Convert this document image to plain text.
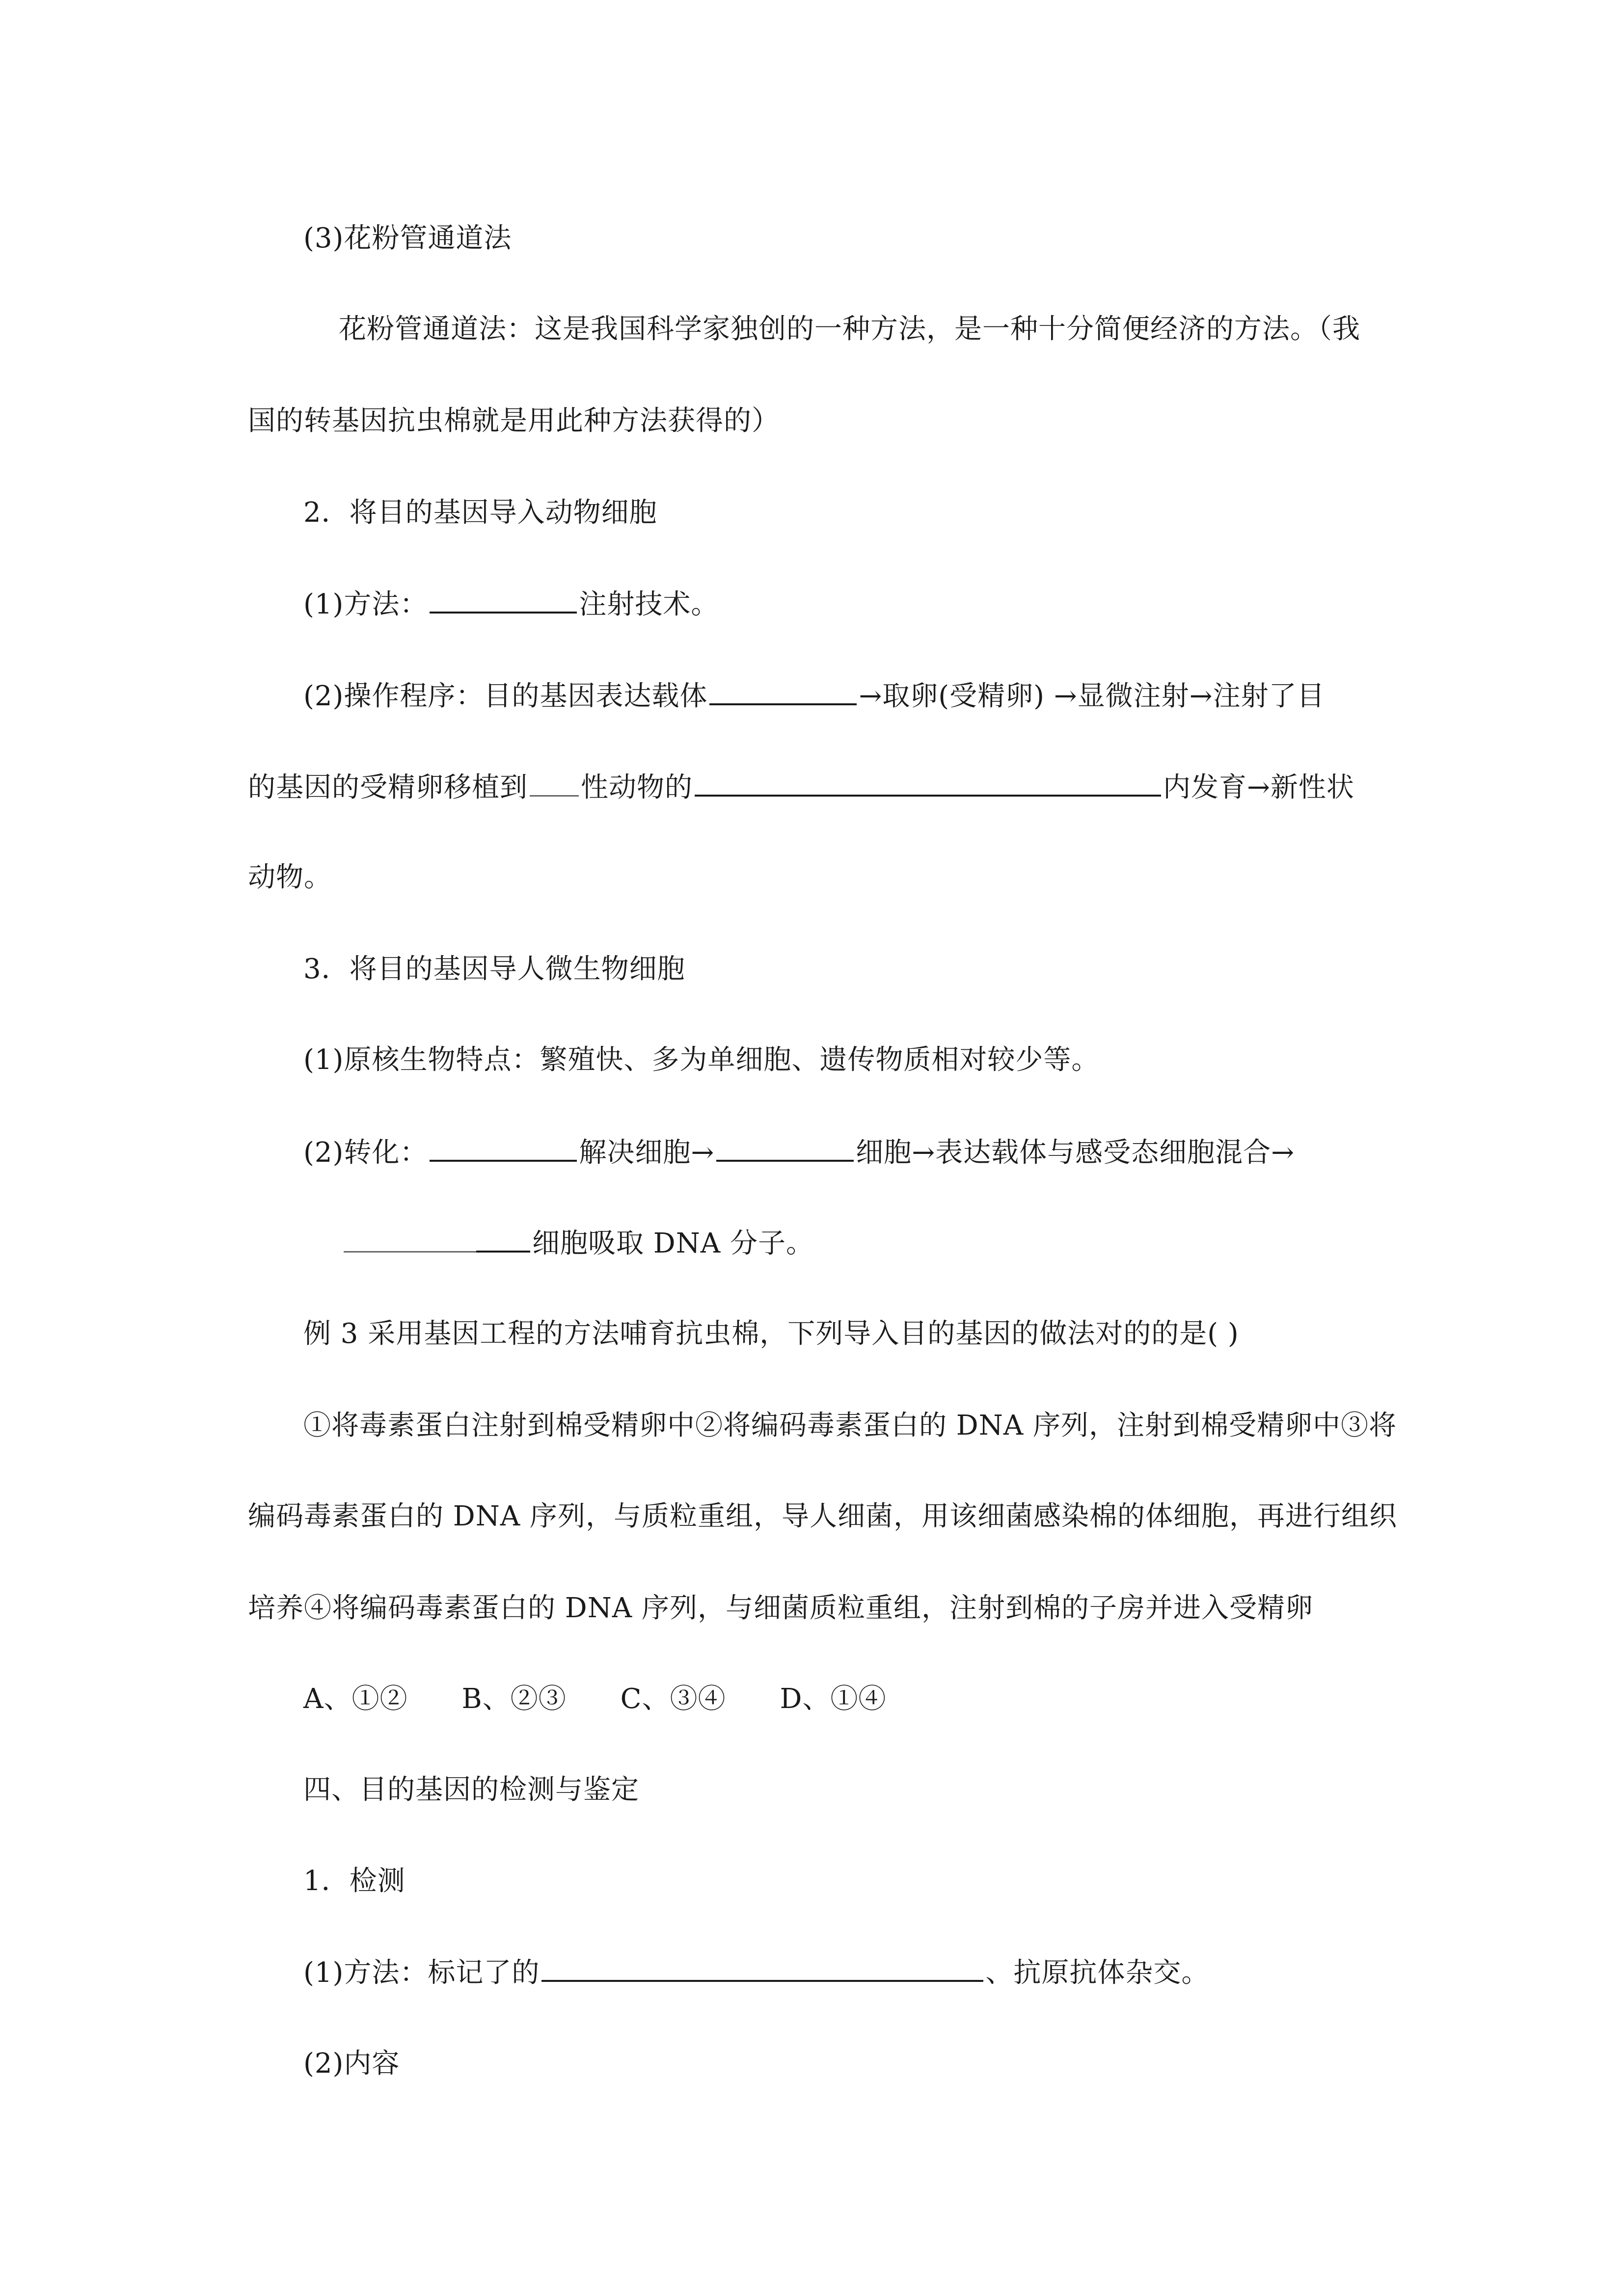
(3)花粉管通道法
花粉管通道法：这是我国科学家独创的一种方法，是一种十分简便经济的方法。（我
国的转基因抗虫棉就是用此种方法获得的）
2．将目的基因导入动物细胞
(1)方法：	注射技术。
(2)操作程序：目的基因表达载体	→取卵(受精卵) →显微注射→注射了目
的基因的受精卵移植到 性动物的	内发育→新性状
动物。
3．将目的基因导人微生物细胞
(1)原核生物特点：繁殖快、多为单细胞、遗传物质相对较少等。
(2)转化：	解决细胞→	细胞→表达载体与感受态细胞混合→
细胞吸取 DNA 分子。
例 3 采用基因工程的方法哺育抗虫棉，下列导入目的基因的做法对的的是( )
①将毒素蛋白注射到棉受精卵中②将编码毒素蛋白的 DNA 序列，注射到棉受精卵中③将
编码毒素蛋白的 DNA 序列，与质粒重组，导人细菌，用该细菌感染棉的体细胞，再进行组织
培养④将编码毒素蛋白的 DNA 序列，与细菌质粒重组，注射到棉的子房并进入受精卵
A、①② B、②③ C、③④ D、①④
四、目的基因的检测与鉴定
1．检测
(1)方法：标记了的	、抗原抗体杂交。
(2)内容
